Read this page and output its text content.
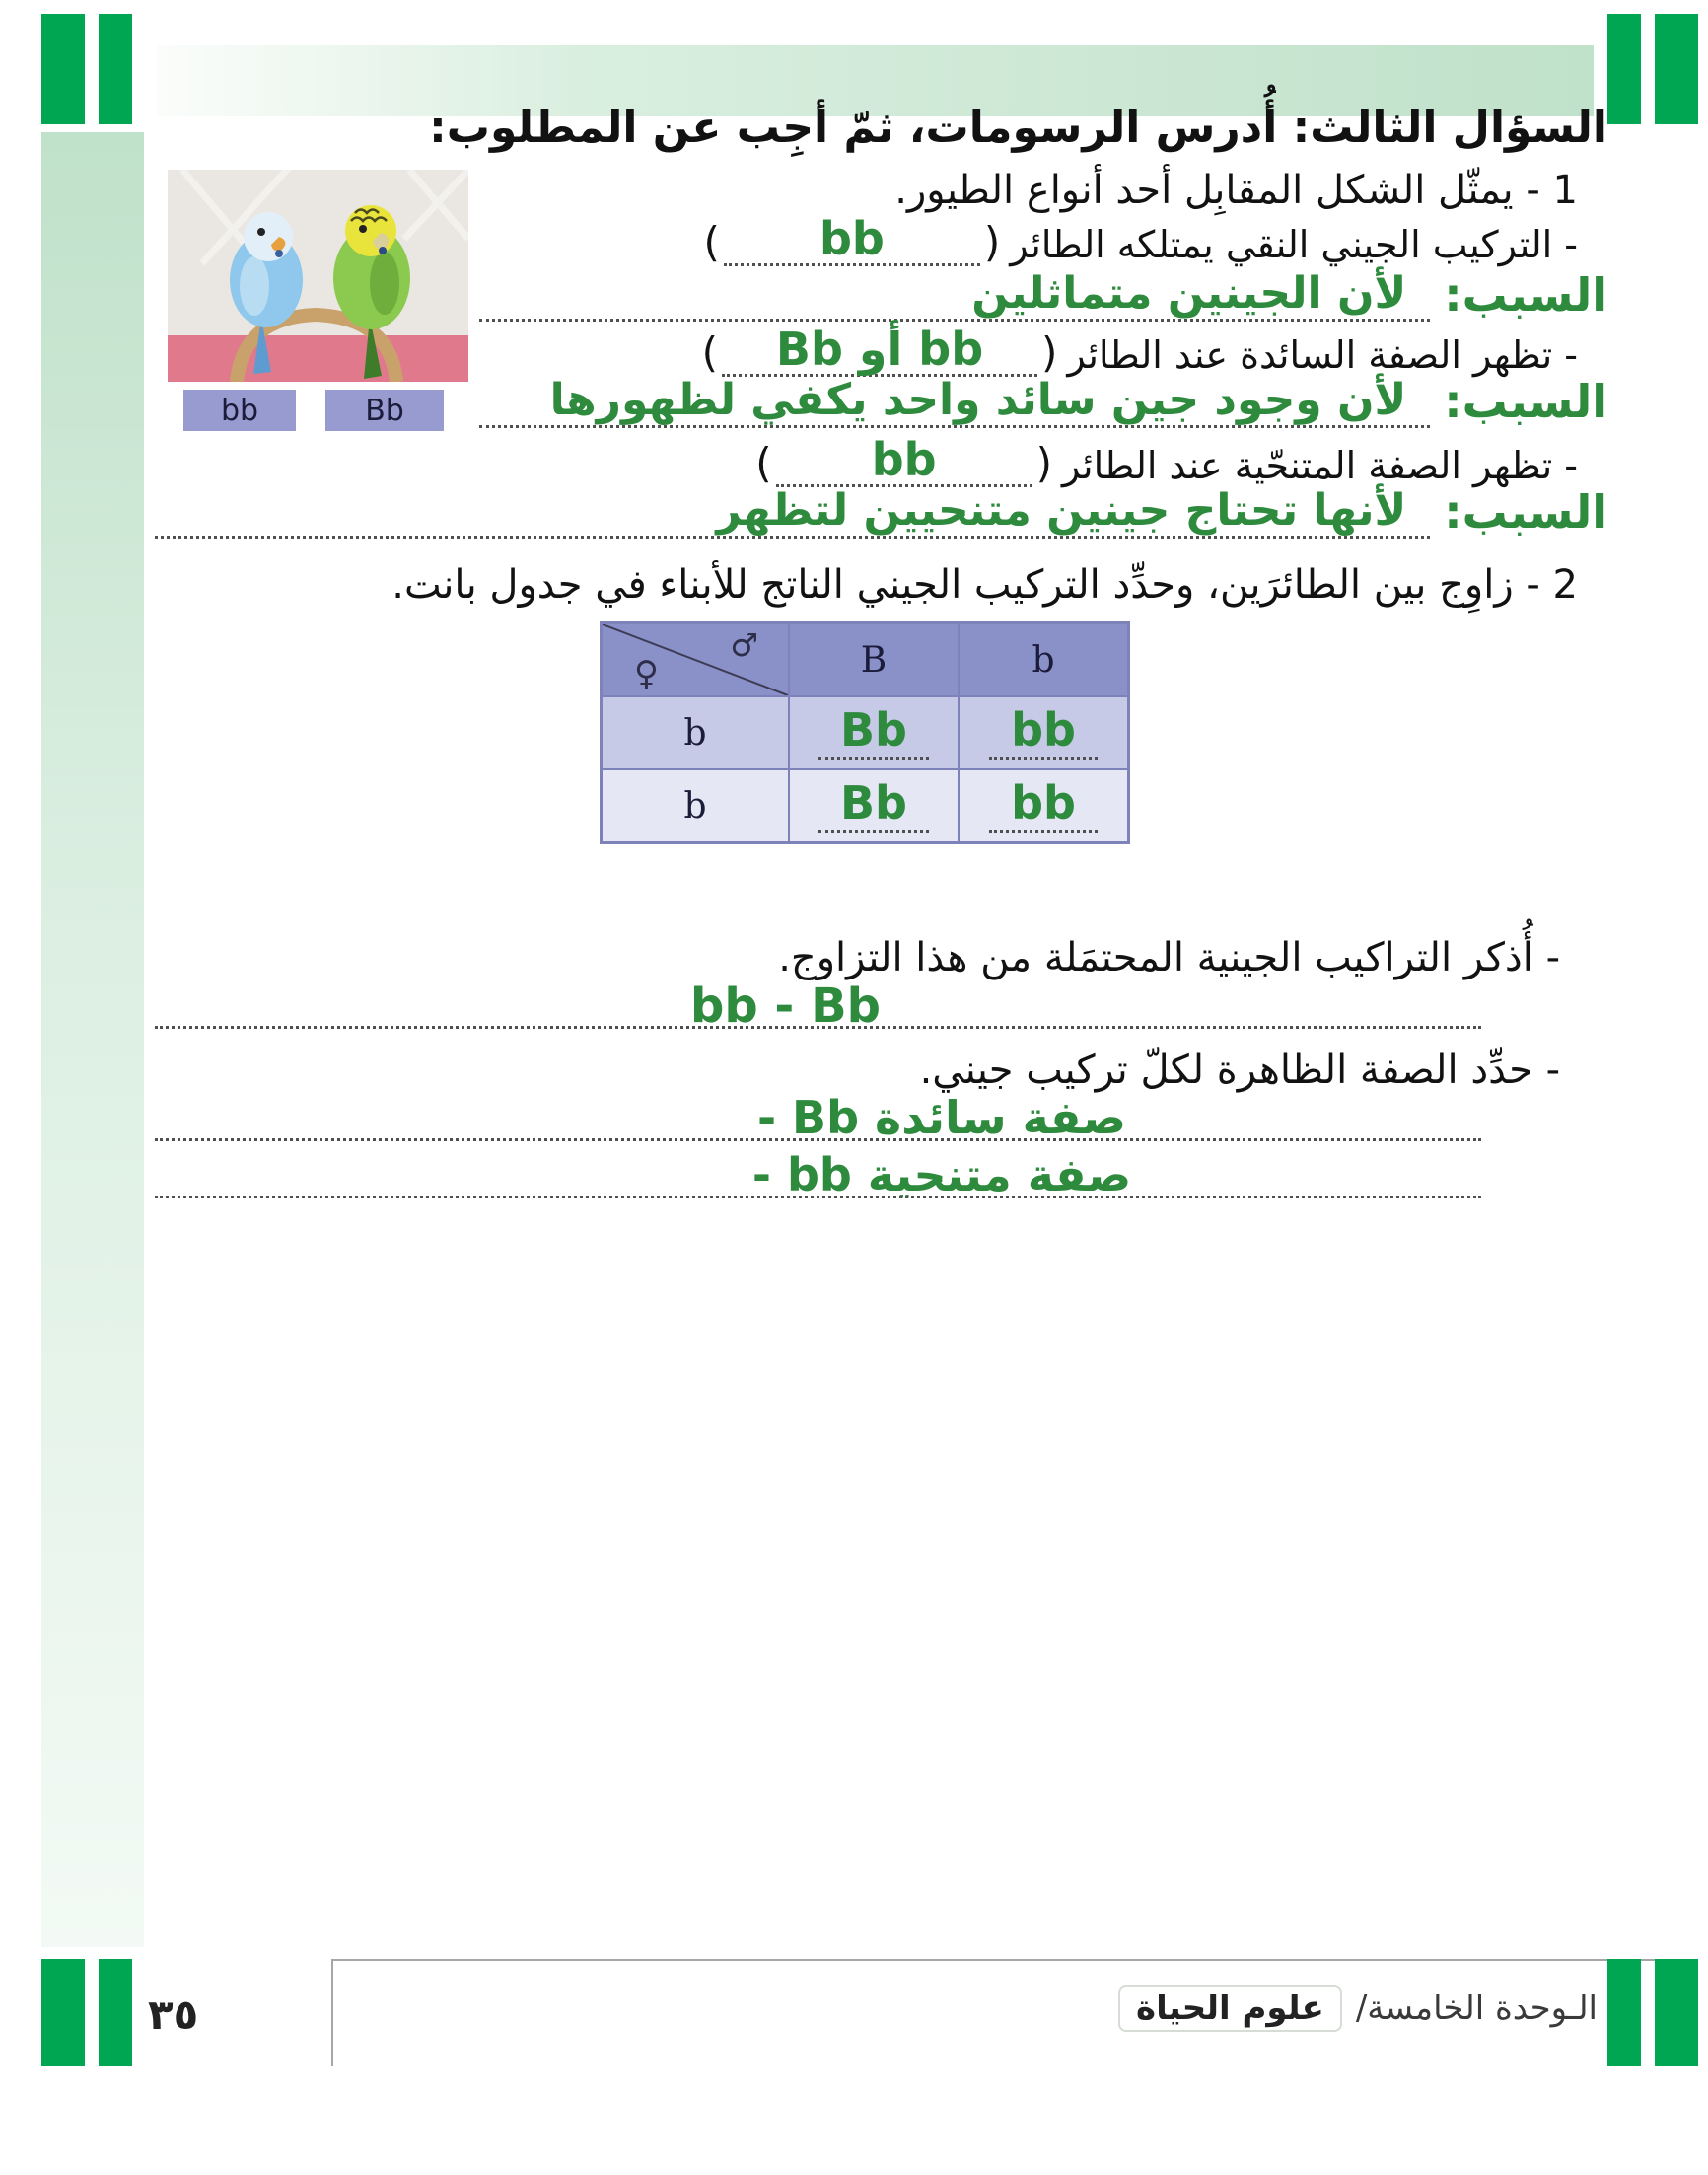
السؤال الثالث: أُدرس الرسومات، ثمّ أجِب عن المطلوب:
1 - يمثّل الشكل المقابِل أحد أنواع الطيور.
bb	Bb
- التركيب الجيني النقي يمتلكه الطائر
(	bb	)
السبب:
لأن الجينين متماثلين
- تظهر الصفة السائدة عند الطائر
(	bb أو Bb	)
السبب:
لأن وجود جين سائد واحد يكفي لظهورها
- تظهر الصفة المتنحّية عند الطائر
(	bb	)
السبب:
لأنها تحتاج جينين متنحيين لتظهر
2 - زاوِج بين الطائرَين، وحدِّد التركيب الجيني الناتج للأبناء في جدول بانت.
♂
♀	B	b
b	Bb	bb
b	Bb	bb
- أُذكر التراكيب الجينية المحتمَلة من هذا التزاوج.
bb - Bb
- حدِّد الصفة الظاهرة لكلّ تركيب جيني.
صفة سائدة Bb -
صفة متنحية bb -
٣٥	الـوحدة الخامسة/
علوم الحياة
